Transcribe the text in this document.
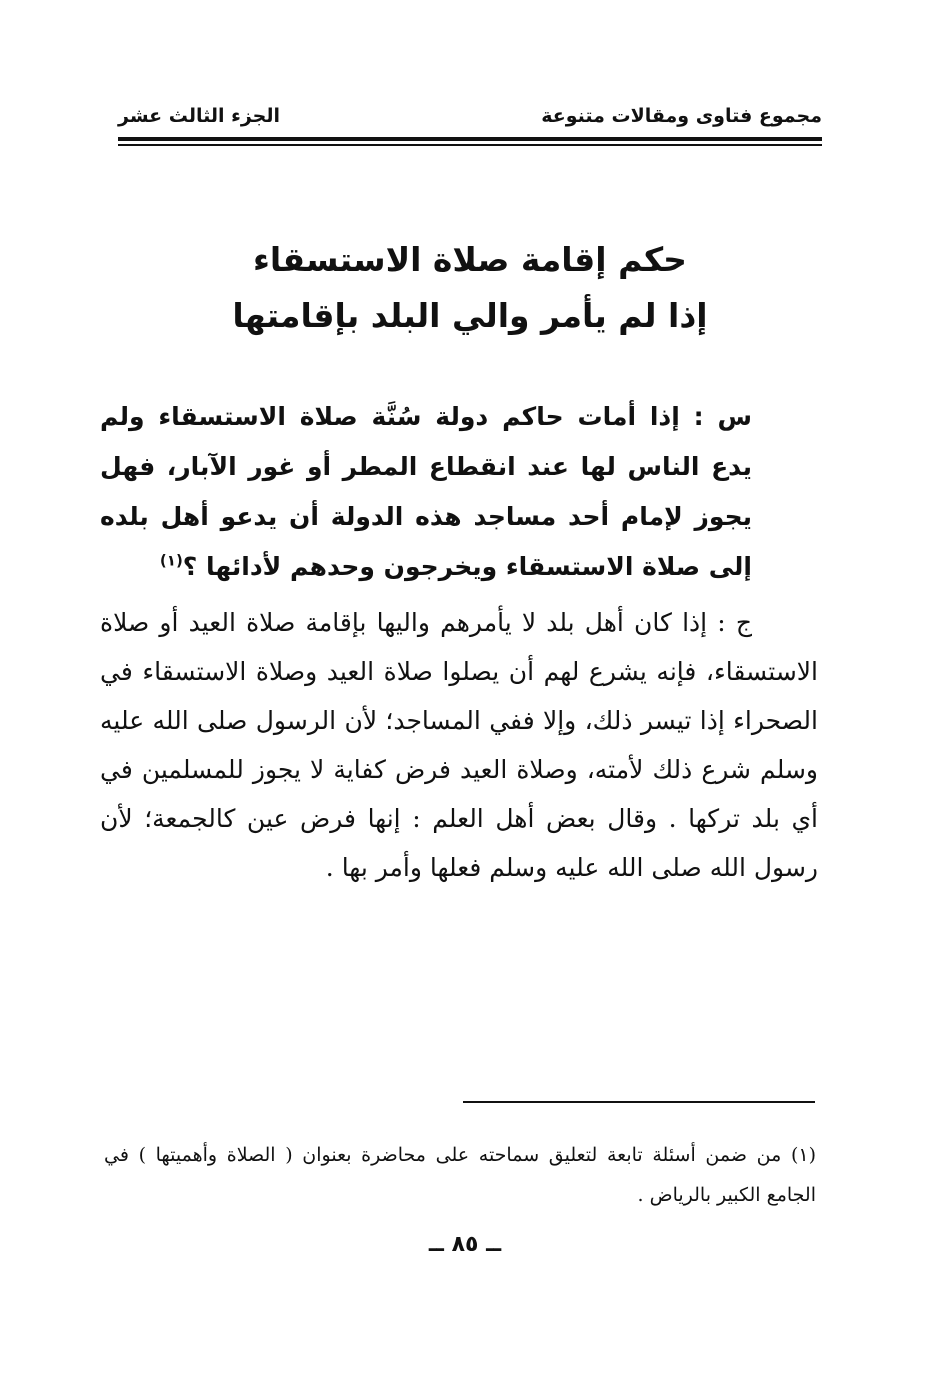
مجموع فتاوى ومقالات متنوعة
الجزء الثالث عشر
حكم إقامة صلاة الاستسقاء
إذا لم يأمر والي البلد بإقامتها
س : إذا أمات حاكم دولة سُنَّة صلاة الاستسقاء ولم يدع الناس لها عند انقطاع المطر أو غور الآبار، فهل يجوز لإمام أحد مساجد هذه الدولة أن يدعو أهل بلده إلى صلاة الاستسقاء ويخرجون وحدهم لأدائها ؟$^{(١)}$
ج : إذا كان أهل بلد لا يأمرهم واليها بإقامة صلاة العيد أو صلاة الاستسقاء، فإنه يشرع لهم أن يصلوا صلاة العيد وصلاة الاستسقاء في الصحراء إذا تيسر ذلك، وإلا ففي المساجد؛ لأن الرسول صلى الله عليه وسلم شرع ذلك لأمته، وصلاة العيد فرض كفاية لا يجوز للمسلمين في أي بلد تركها . وقال بعض أهل العلم : إنها فرض عين كالجمعة؛ لأن رسول الله صلى الله عليه وسلم فعلها وأمر بها .
(١) من ضمن أسئلة تابعة لتعليق سماحته على محاضرة بعنوان ( الصلاة وأهميتها ) في الجامع الكبير بالرياض .
ــ ٨٥ ــ
